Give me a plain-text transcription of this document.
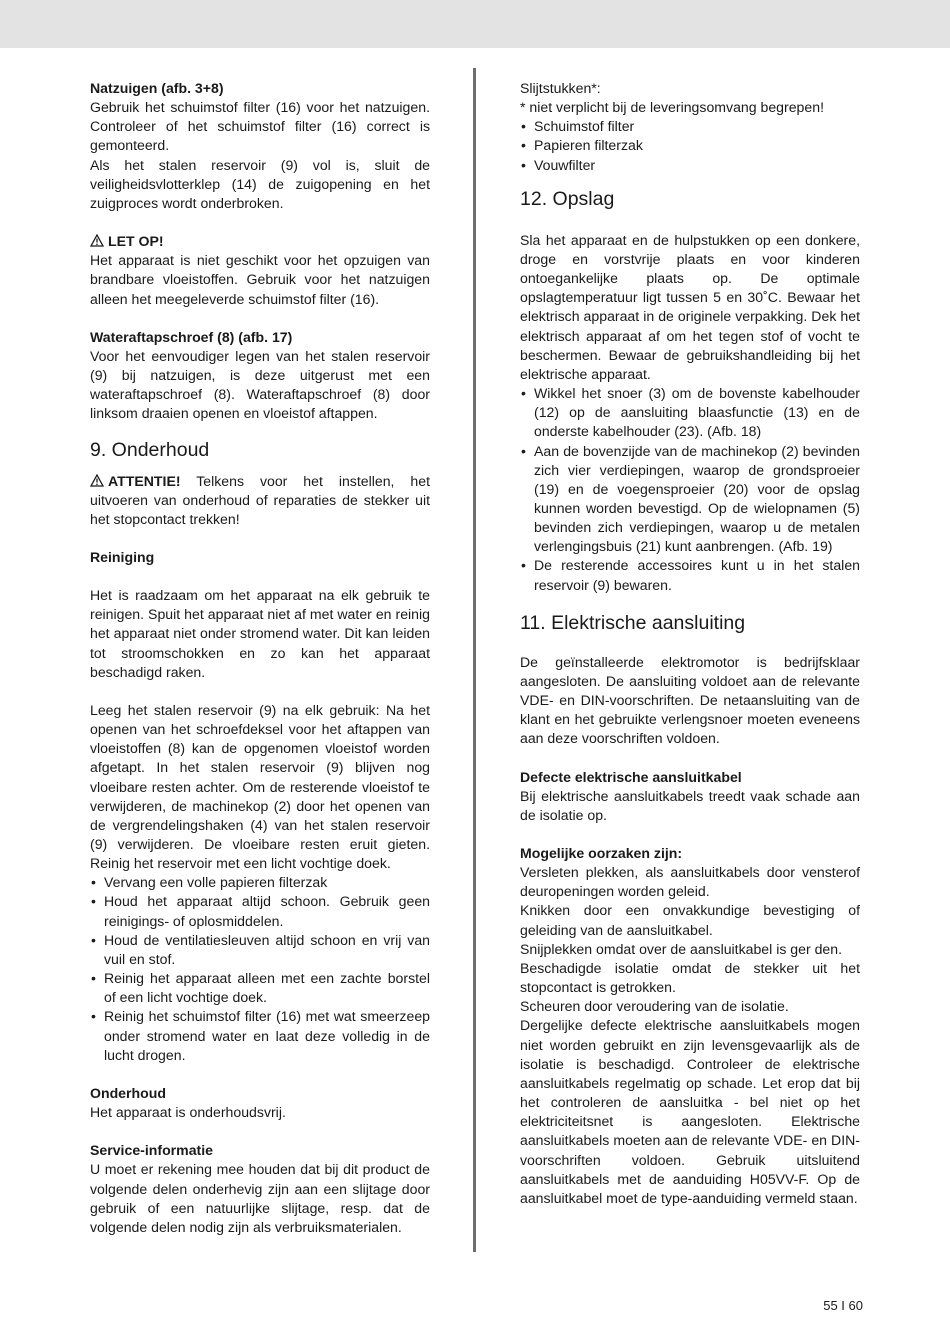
Natzuigen (afb. 3+8)

Gebruik het schuimstof filter (16) voor het natzuigen. Controleer of het schuimstof filter (16) correct is gemonteerd.

Als het stalen reservoir (9) vol is, sluit de veiligheidsvlotterklep (14) de zuigopening en het zuigproces wordt onderbroken.

LET OP!

Het apparaat is niet geschikt voor het opzuigen van brandbare vloeistoffen. Gebruik voor het natzuigen alleen het meegeleverde schuimstof filter (16).

Wateraftapschroef (8) (afb. 17)

Voor het eenvoudiger legen van het stalen reservoir (9) bij natzuigen, is deze uitgerust met een wateraftapschroef (8). Wateraftapschroef (8) door linksom draaien openen en vloeistof aftappen.

9. Onderhoud

ATTENTIE! Telkens voor het instellen, het uitvoeren van onderhoud of reparaties de stekker uit het stopcontact trekken!

Reiniging

Het is raadzaam om het apparaat na elk gebruik te reinigen. Spuit het apparaat niet af met water en reinig het apparaat niet onder stromend water. Dit kan leiden tot stroomschokken en zo kan het apparaat beschadigd raken.

Leeg het stalen reservoir (9) na elk gebruik: Na het openen van het schroefdeksel voor het aftappen van vloeistoffen (8) kan de opgenomen vloeistof worden afgetapt. In het stalen reservoir (9) blijven nog vloeibare resten achter. Om de resterende vloeistof te verwijderen, de machinekop (2) door het openen van de vergrendelingshaken (4) van het stalen reservoir (9) verwijderen. De vloeibare resten eruit gieten. Reinig het reservoir met een licht vochtige doek.

• Vervang een volle papieren filterzak
• Houd het apparaat altijd schoon. Gebruik geen reinigings- of oplosmiddelen.
• Houd de ventilatiesleuven altijd schoon en vrij van vuil en stof.
• Reinig het apparaat alleen met een zachte borstel of een licht vochtige doek.
• Reinig het schuimstof filter (16) met wat smeerzeep onder stromend water en laat deze volledig in de lucht drogen.

Onderhoud

Het apparaat is onderhoudsvrij.

Service-informatie

U moet er rekening mee houden dat bij dit product de volgende delen onderhevig zijn aan een slijtage door gebruik of een natuurlijke slijtage, resp. dat de volgende delen nodig zijn als verbruiksmaterialen.

Slijtstukken*:

* niet verplicht bij de leveringsomvang begrepen!

• Schuimstof filter
• Papieren filterzak
• Vouwfilter
12. Opslag

Sla het apparaat en de hulpstukken op een donkere, droge en vorstvrije plaats en voor kinderen ontoegankelijke plaats op. De optimale opslagtemperatuur ligt tussen 5 en 30˚C. Bewaar het elektrisch apparaat in de originele verpakking. Dek het elektrisch apparaat af om het tegen stof of vocht te beschermen. Bewaar de gebruikshandleiding bij het elektrische apparaat.

• Wikkel het snoer (3) om de bovenste kabelhouder (12) op de aansluiting blaasfunctie (13) en de onderste kabelhouder (23). (Afb. 18)
• Aan de bovenzijde van de machinekop (2) bevinden zich vier verdiepingen, waarop de grondsproeier (19) en de voegensproeier (20) voor de opslag kunnen worden bevestigd. Op de wielopnamen (5) bevinden zich verdiepingen, waarop u de metalen verlengingsbuis (21) kunt aanbrengen. (Afb. 19)
• De resterende accessoires kunt u in het stalen reservoir (9) bewaren.
11. Elektrische aansluiting

De geïnstalleerde elektromotor is bedrijfsklaar aangesloten. De aansluiting voldoet aan de relevante VDE- en DIN-voorschriften. De netaansluiting van de klant en het gebruikte verlengsnoer moeten eveneens aan deze voorschriften voldoen.

Defecte elektrische aansluitkabel

Bij elektrische aansluitkabels treedt vaak schade aan de isolatie op.

Mogelijke oorzaken zijn:

Versleten plekken, als aansluitkabels door vensterof deuropeningen worden geleid.

Knikken door een onvakkundige bevestiging of geleiding van de aansluitkabel.

Snijplekken omdat over de aansluitkabel is ger den.

Beschadigde isolatie omdat de stekker uit het stopcontact is getrokken.

Scheuren door veroudering van de isolatie.

Dergelijke defecte elektrische aansluitkabels mogen niet worden gebruikt en zijn levensgevaarlijk als de isolatie is beschadigd. Controleer de elektrische aansluitkabels regelmatig op schade. Let erop dat bij het controleren de aansluitka - bel niet op het elektriciteitsnet is aangesloten. Elektrische aansluitkabels moeten aan de relevante VDE- en DIN-voorschriften voldoen. Gebruik uitsluitend aansluitkabels met de aanduiding H05VV-F. Op de aansluitkabel moet de type-aanduiding vermeld staan.

55 I 60
